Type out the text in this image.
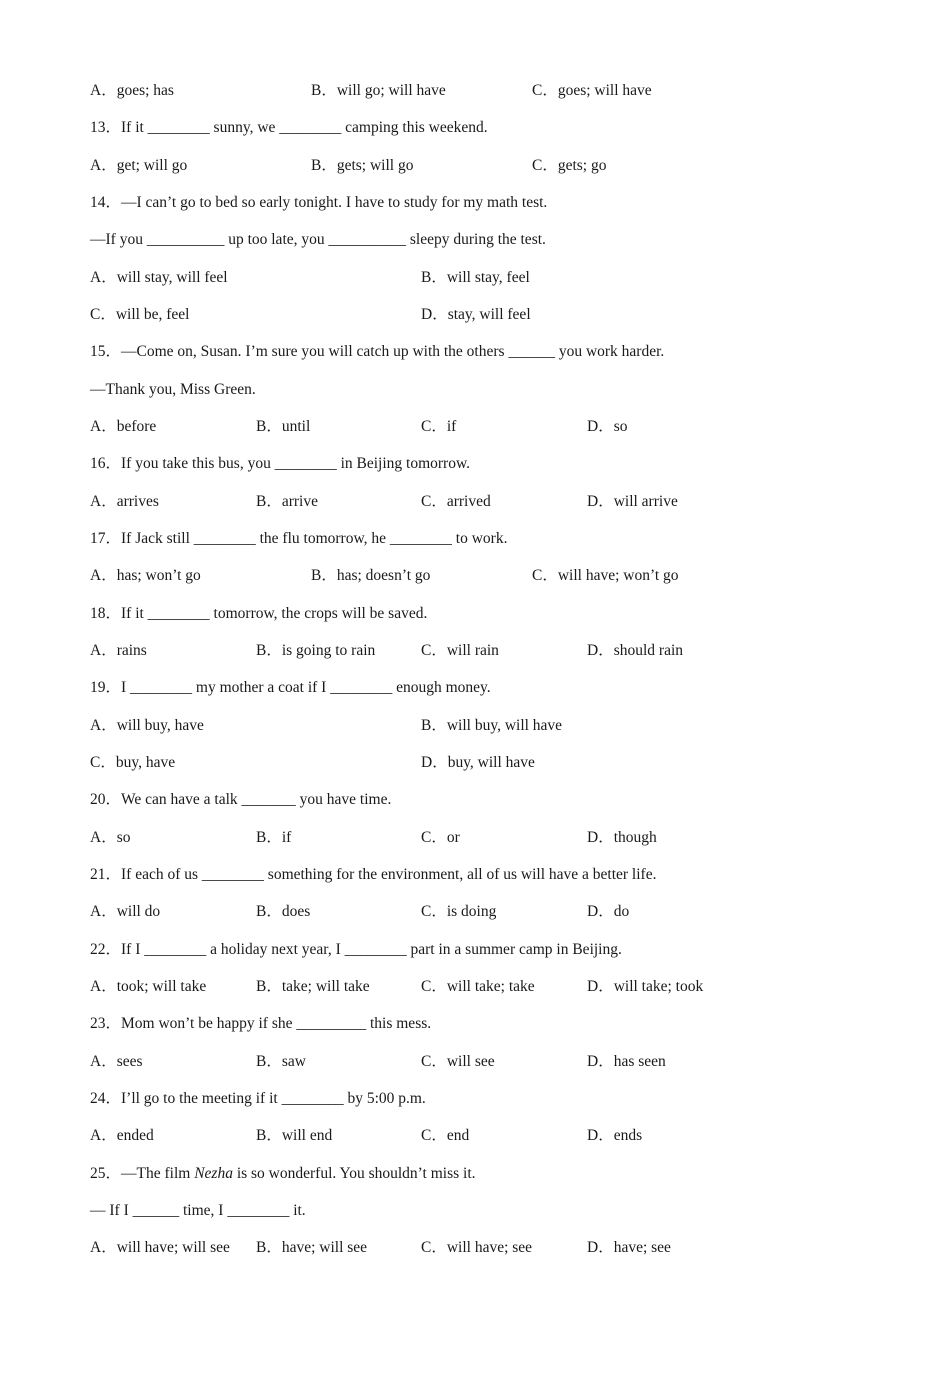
A．goes; has

	B．will go; will have

	C．goes; will have

13．If it ________ sunny, we ________ camping this weekend.

A．get; will go

	B．gets; will go

	C．gets; go

14．—I can’t go to bed so early tonight. I have to study for my math test.
—If you __________ up too late, you __________ sleepy during the test.

A．will stay, will feel

	B．will stay, feel

C．will be, feel

	D．stay, will feel

15．—Come on, Susan. I’m sure you will catch up with the others ______ you work harder.
—Thank you, Miss Green.

A．before

	B．until

	C．if

	D．so

16．If you take this bus, you ________ in Beijing tomorrow.

A．arrives

	B．arrive

	C．arrived

	D．will arrive

17．If Jack still ________ the flu tomorrow, he ________ to work.

A．has; won’t go

	B．has; doesn’t go

	C．will have; won’t go

18．If it ________ tomorrow, the crops will be saved.

A．rains

	B．is going to rain

	C．will rain

	D．should rain

19．I ________ my mother a coat if I ________ enough money.

A．will buy, have

	B．will buy, will have

C．buy, have

	D．buy, will have

20．We can have a talk _______ you have time.

A．so

	B．if

	C．or

	D．though

21．If each of us ________ something for the environment, all of us will have a better life.

A．will do

	B．does

	C．is doing

	D．do

22．If I ________ a holiday next year, I ________ part in a summer camp in Beijing.

A．took; will take

	B．take; will take

	C．will take; take

	D．will take; took

23．Mom won’t be happy if she _________ this mess.

A．sees

	B．saw

	C．will see

	D．has seen

24．I’ll go to the meeting if it ________ by 5:00 p.m.

A．ended

	B．will end

	C．end

	D．ends

25．—The film Nezha is so wonderful. You shouldn’t miss it.
— If I ______ time, I ________ it.

A．will have; will see

B．have; will see

	C．will have; see

	D．have; see
